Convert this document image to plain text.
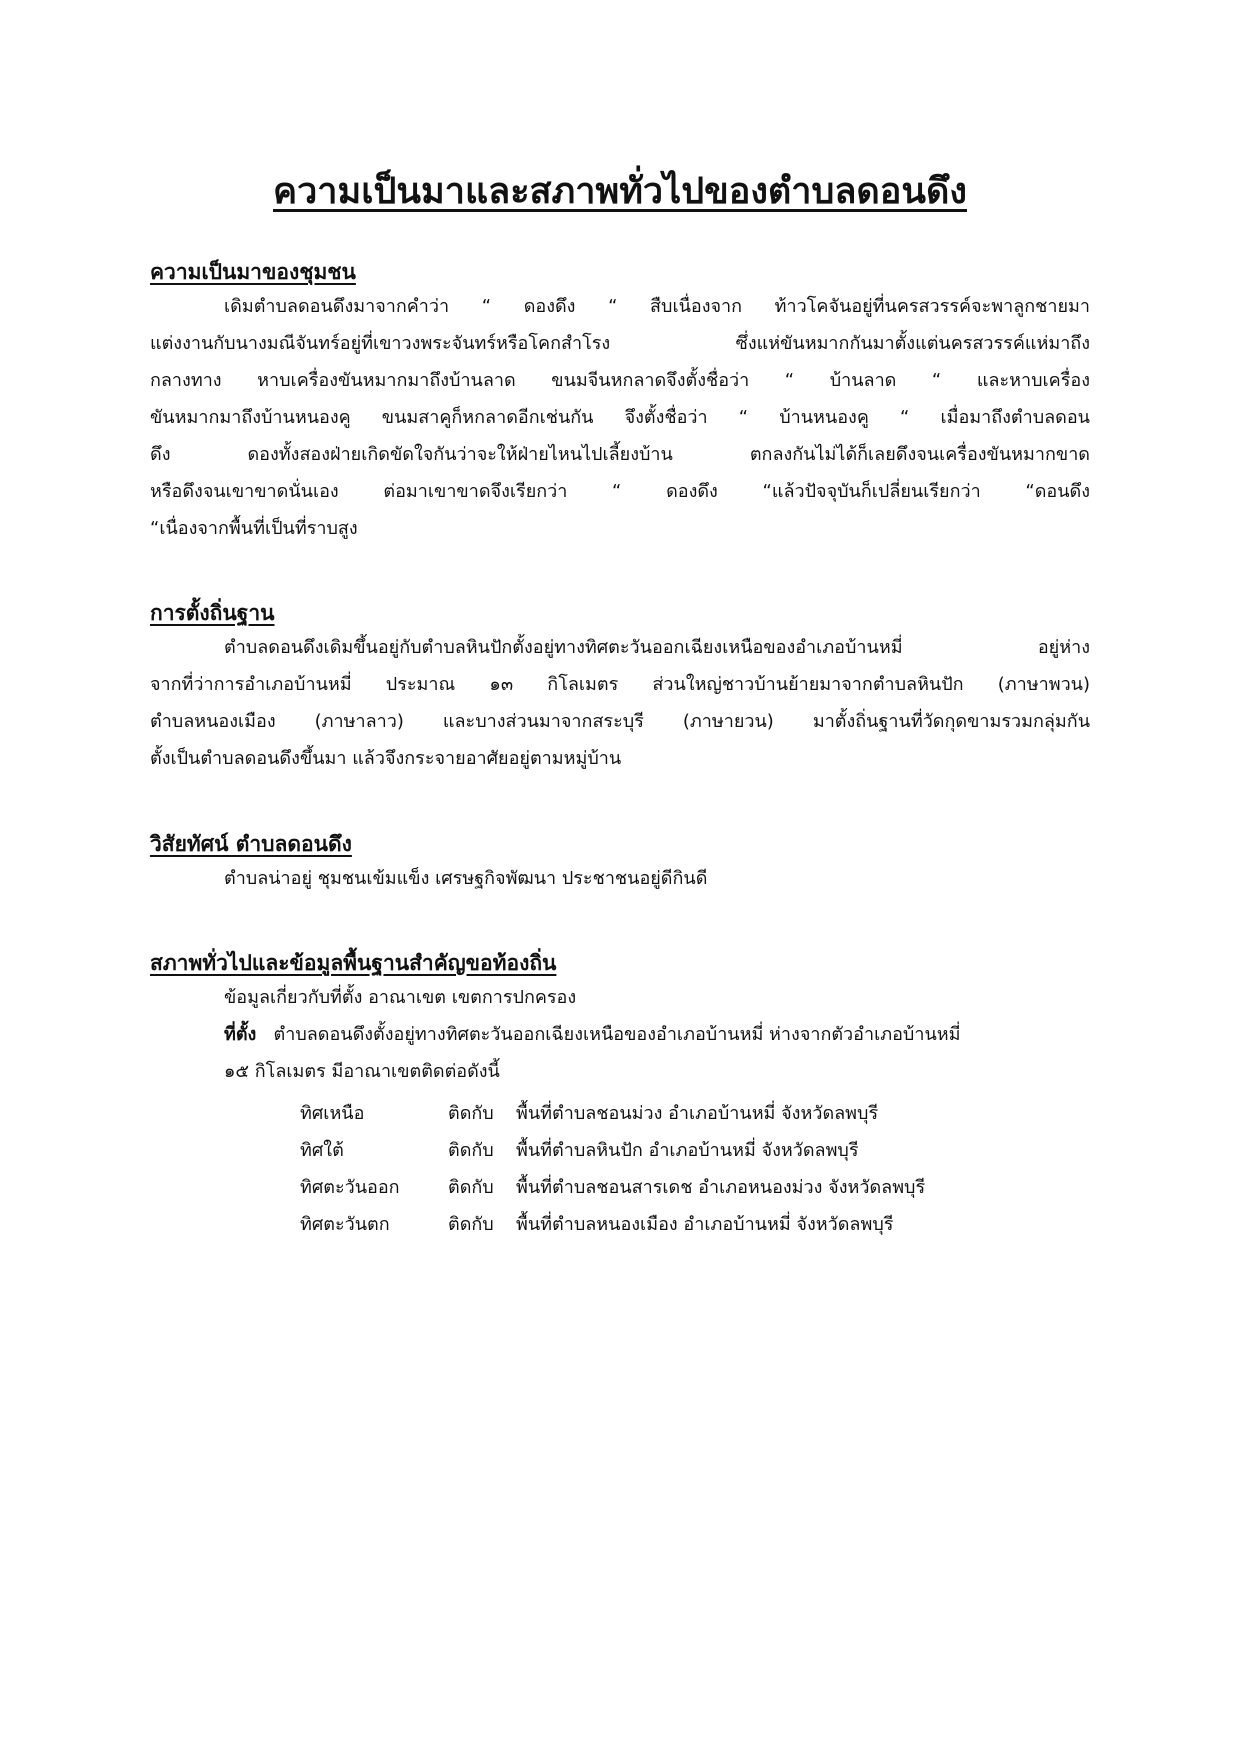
ความเป็นมาและสภาพทั่วไปของตำบลดอนดึง
ความเป็นมาของชุมชน
เดิมตำบลดอนดึงมาจากคำว่า “ ดองดึง “ สืบเนื่องจาก ท้าวโคจันอยู่ที่นครสวรรค์จะพาลูกชายมา
แต่งงานกับนางมณีจันทร์อยู่ที่เขาวงพระจันทร์หรือโคกสำโรง ซึ่งแห่ขันหมากกันมาตั้งแต่นครสวรรค์แห่มาถึง
กลางทาง หาบเครื่องขันหมากมาถึงบ้านลาด ขนมจีนหกลาดจึงตั้งชื่อว่า “ บ้านลาด “ และหาบเครื่อง
ขันหมากมาถึงบ้านหนองคู ขนมสาคูก็หกลาดอีกเช่นกัน จึงตั้งชื่อว่า “ บ้านหนองคู “ เมื่อมาถึงตำบลดอน
ดึง ดองทั้งสองฝ่ายเกิดขัดใจกันว่าจะให้ฝ่ายไหนไปเลี้ยงบ้าน ตกลงกันไม่ได้ก็เลยดึงจนเครื่องขันหมากขาด
หรือดึงจนเขาขาดนั่นเอง ต่อมาเขาขาดจึงเรียกว่า “ ดองดึง “แล้วปัจจุบันก็เปลี่ยนเรียกว่า “ดอนดึง
“เนื่องจากพื้นที่เป็นที่ราบสูง
การตั้งถิ่นฐาน
ตำบลดอนดึงเดิมขึ้นอยู่กับตำบลหินปักตั้งอยู่ทางทิศตะวันออกเฉียงเหนือของอำเภอบ้านหมี่ อยู่ห่าง
จากที่ว่าการอำเภอบ้านหมี่ ประมาณ ๑๓ กิโลเมตร ส่วนใหญ่ชาวบ้านย้ายมาจากตำบลหินปัก (ภาษาพวน)
ตำบลหนองเมือง (ภาษาลาว) และบางส่วนมาจากสระบุรี (ภาษายวน) มาตั้งถิ่นฐานที่วัดกุดขามรวมกลุ่มกัน
ตั้งเป็นตำบลดอนดึงขึ้นมา แล้วจึงกระจายอาศัยอยู่ตามหมู่บ้าน
วิสัยทัศน์ ตำบลดอนดึง
ตำบลน่าอยู่ ชุมชนเข้มแข็ง เศรษฐกิจพัฒนา ประชาชนอยู่ดีกินดี
สภาพทั่วไปและข้อมูลพื้นฐานสำคัญขอท้องถิ่น
ข้อมูลเกี่ยวกับที่ตั้ง อาณาเขต เขตการปกครอง
ที่ตั้ง ตำบลดอนดึงตั้งอยู่ทางทิศตะวันออกเฉียงเหนือของอำเภอบ้านหมี่ ห่างจากตัวอำเภอบ้านหมี่
๑๕ กิโลเมตร มีอาณาเขตติดต่อดังนี้
ทิศเหนือ	ติดกับ พื้นที่ตำบลชอนม่วง อำเภอบ้านหมี่ จังหวัดลพบุรี
ทิศใต้	ติดกับ พื้นที่ตำบลหินปัก อำเภอบ้านหมี่ จังหวัดลพบุรี
ทิศตะวันออก	ติดกับ พื้นที่ตำบลชอนสารเดช อำเภอหนองม่วง จังหวัดลพบุรี
ทิศตะวันตก	ติดกับ พื้นที่ตำบลหนองเมือง อำเภอบ้านหมี่ จังหวัดลพบุรี
